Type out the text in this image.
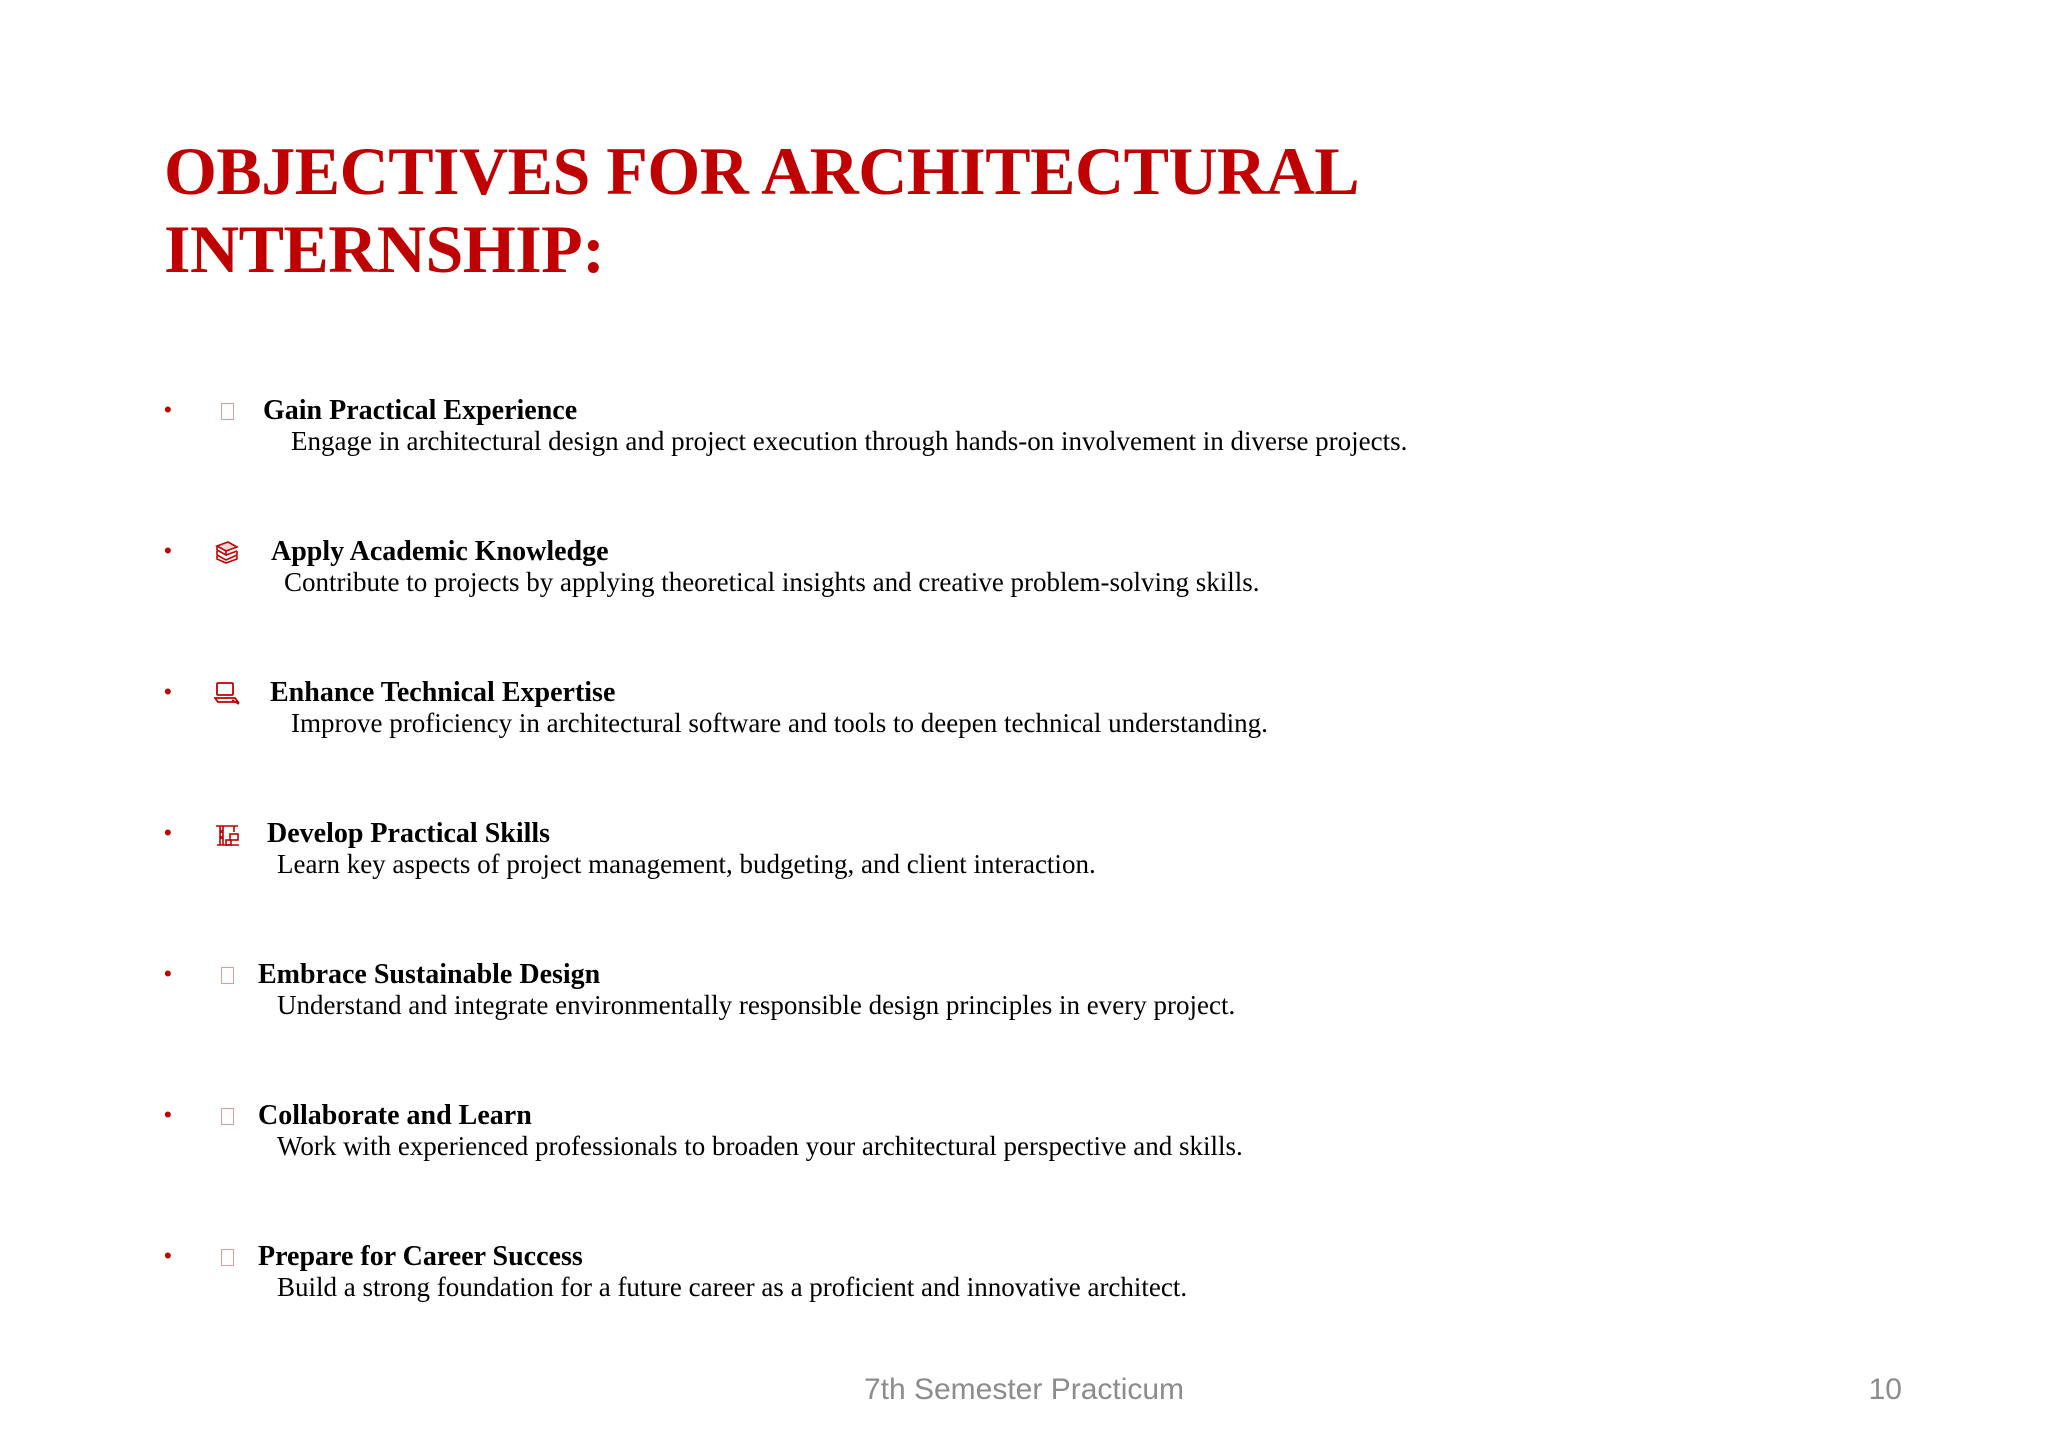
OBJECTIVES FOR ARCHITECTURAL
INTERNSHIP:
•	Gain Practical Experience
Engage in architectural design and project execution through hands-on involvement in diverse projects.
•	Apply Academic Knowledge
Contribute to projects by applying theoretical insights and creative problem-solving skills.
•	Enhance Technical Expertise
Improve proficiency in architectural software and tools to deepen technical understanding.
•	Develop Practical Skills
Learn key aspects of project management, budgeting, and client interaction.
•	Embrace Sustainable Design
Understand and integrate environmentally responsible design principles in every project.
•	Collaborate and Learn
Work with experienced professionals to broaden your architectural perspective and skills.
•	Prepare for Career Success
Build a strong foundation for a future career as a proficient and innovative architect.
7th Semester Practicum	10
